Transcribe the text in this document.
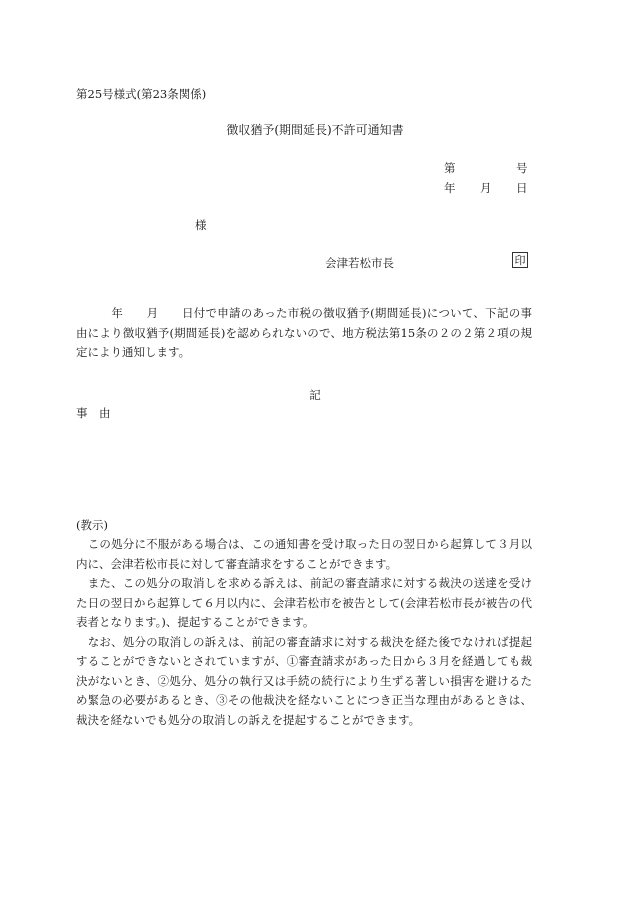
第25号様式(第23条関係)
徴収猶予(期間延長)不許可通知書
第	号
年 月 日
様
会津若松市長	印
　　　年　　月　　日付で申請のあった市税の徴収猶予(期間延長)について、下記の事由により徴収猶予(期間延長)を認められないので、地方税法第15条の２の２第２項の規定により通知します。
記
事　由
(教示)

　この処分に不服がある場合は、この通知書を受け取った日の翌日から起算して３月以内に、会津若松市長に対して審査請求をすることができます。

　また、この処分の取消しを求める訴えは、前記の審査請求に対する裁決の送達を受けた日の翌日から起算して６月以内に、会津若松市を被告として(会津若松市長が被告の代表者となります。)、提起することができます。

　なお、処分の取消しの訴えは、前記の審査請求に対する裁決を経た後でなければ提起することができないとされていますが、①審査請求があった日から３月を経過しても裁決がないとき、②処分、処分の執行又は手続の続行により生ずる著しい損害を避けるため緊急の必要があるとき、③その他裁決を経ないことにつき正当な理由があるときは、裁決を経ないでも処分の取消しの訴えを提起することができます。
